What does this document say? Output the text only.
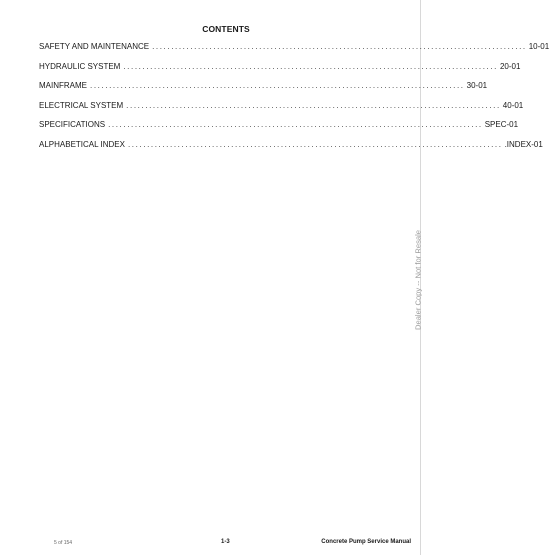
CONTENTS
SAFETY AND MAINTENANCE .................................................................................................. 10-01
HYDRAULIC SYSTEM .................................................................................................. 20-01
MAINFRAME .................................................................................................. 30-01
ELECTRICAL SYSTEM .................................................................................................. 40-01
SPECIFICATIONS .................................................................................................. SPEC-01
ALPHABETICAL INDEX .................................................................................................. .INDEX-01
Dealer Copy -- Not for Resale
5 of 154	1-3	Concrete Pump Service Manual
